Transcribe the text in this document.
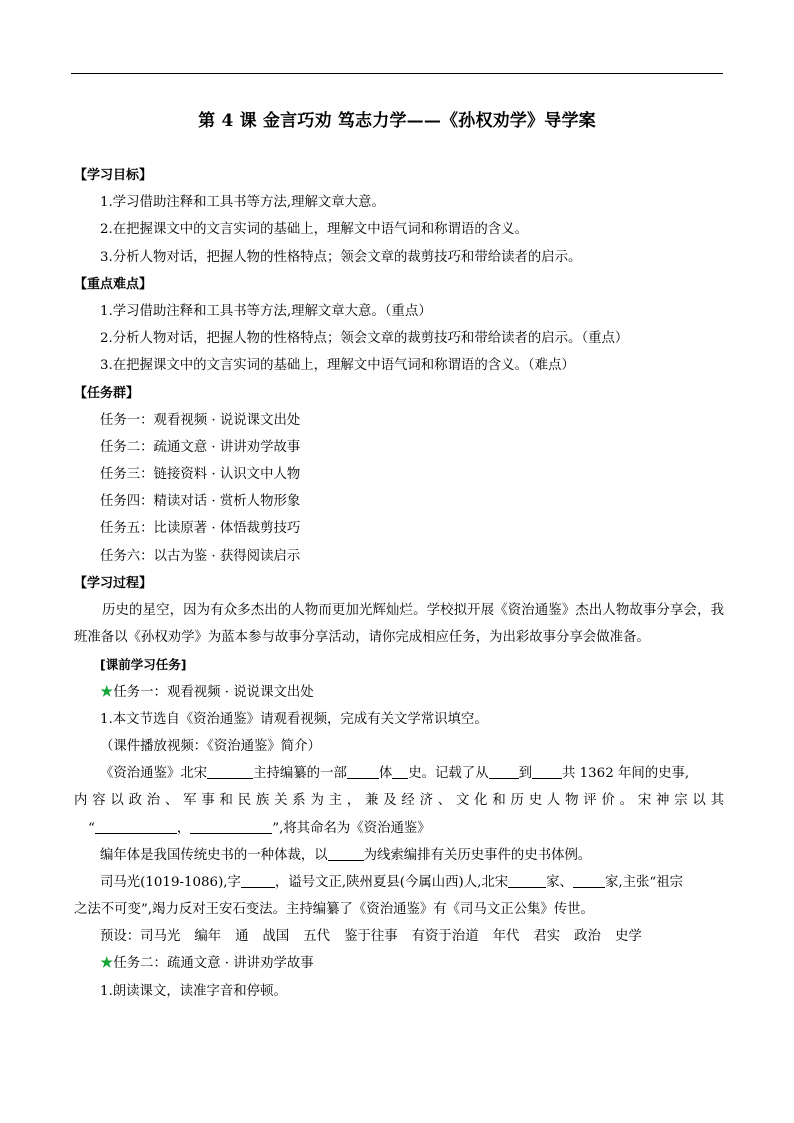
第 4 课 金言巧劝 笃志力学——《孙权劝学》导学案
【学习目标】
1.学习借助注释和工具书等方法,理解文章大意。
2.在把握课文中的文言实词的基础上，理解文中语气词和称谓语的含义。
3.分析人物对话，把握人物的性格特点；领会文章的裁剪技巧和带给读者的启示。
【重点难点】
1.学习借助注释和工具书等方法,理解文章大意。（重点）
2.分析人物对话，把握人物的性格特点；领会文章的裁剪技巧和带给读者的启示。（重点）
3.在把握课文中的文言实词的基础上，理解文中语气词和称谓语的含义。（难点）
【任务群】
任务一：观看视频 · 说说课文出处
任务二：疏通文意 · 讲讲劝学故事
任务三：链接资料 · 认识文中人物
任务四：精读对话 · 赏析人物形象
任务五：比读原著 · 体悟裁剪技巧
任务六：以古为鉴 · 获得阅读启示
【学习过程】
历史的星空，因为有众多杰出的人物而更加光辉灿烂。学校拟开展《资治通鉴》杰出人物故事分享会，我班准备以《孙权劝学》为蓝本参与故事分享活动，请你完成相应任务，为出彩故事分享会做准备。
[课前学习任务]
★任务一：观看视频 · 说说课文出处
1.本文节选自《资治通鉴》请观看视频，完成有关文学常识填空。
（课件播放视频：《资治通鉴》简介）
《资治通鉴》北宋	主持编纂的一部 体 史。记载了从 到 共 1362 年间的史事,
内容以政治、军事和民族关系为主，兼及经济、文化和历史人物评价。宋神宗以其
“	，	”,将其命名为《资治通鉴》
编年体是我国传统史书的一种体裁，以	为线索编排有关历史事件的史书体例。
司马光(1019-1086),字	，谥号文正,陕州夏县(今属山西)人,北宋	家、 家,主张“祖宗
之法不可变”,竭力反对王安石变法。主持编纂了《资治通鉴》有《司马文正公集》传世。
预设：司马光 编年 通 战国 五代 鉴于往事 有资于治道 年代 君实 政治 史学
★任务二：疏通文意 · 讲讲劝学故事
1.朗读课文，读准字音和停顿。
